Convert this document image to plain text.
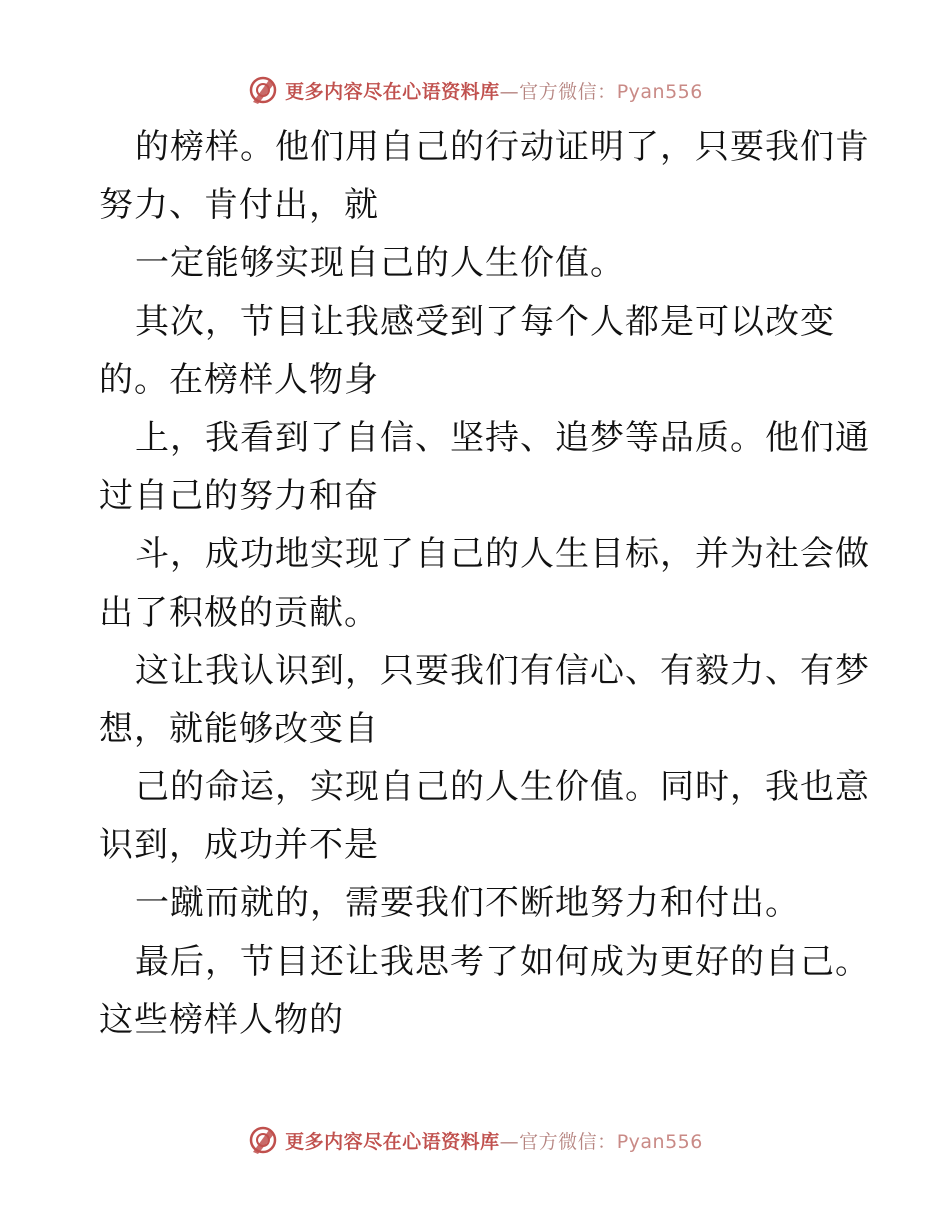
更多内容尽在心语资料库—官方微信：Pyan556
的榜样。他们用自己的行动证明了，只要我们肯
努力、肯付出，就
一定能够实现自己的人生价值。
其次，节目让我感受到了每个人都是可以改变
的。在榜样人物身
上，我看到了自信、坚持、追梦等品质。他们通
过自己的努力和奋
斗，成功地实现了自己的人生目标，并为社会做
出了积极的贡献。
这让我认识到，只要我们有信心、有毅力、有梦
想，就能够改变自
己的命运，实现自己的人生价值。同时，我也意
识到，成功并不是
一蹴而就的，需要我们不断地努力和付出。
最后，节目还让我思考了如何成为更好的自己。
这些榜样人物的
更多内容尽在心语资料库—官方微信：Pyan556
